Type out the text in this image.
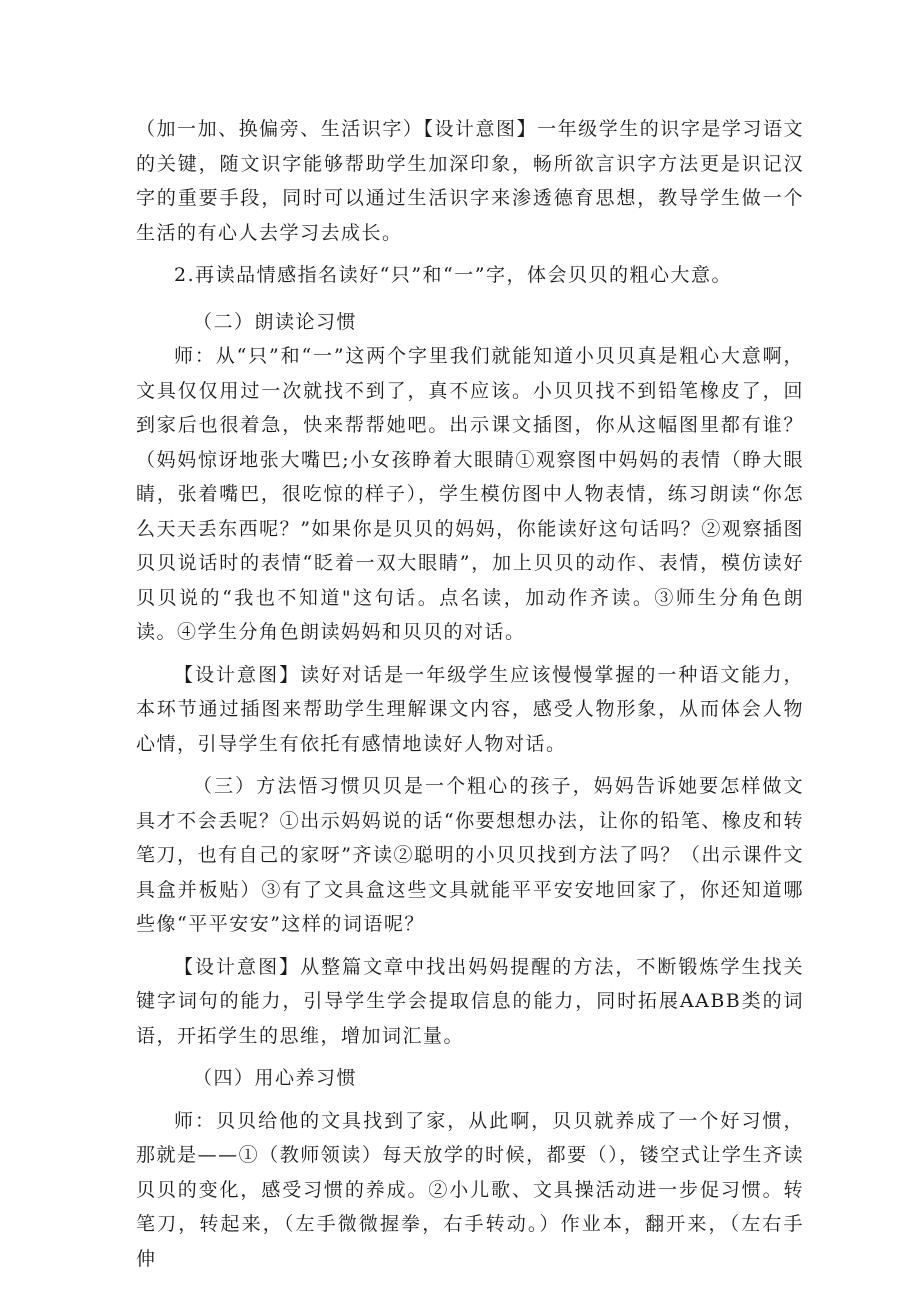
（加一加、换偏旁、生活识字）【设计意图】一年级学生的识字是学习语文的关键，随文识字能够帮助学生加深印象，畅所欲言识字方法更是识记汉字的重要手段，同时可以通过生活识字来渗透德育思想，教导学生做一个生活的有心人去学习去成长。

2.再读品情感指名读好“只”和“一”字，体会贝贝的粗心大意。

（二）朗读论习惯

师：从“只”和“一”这两个字里我们就能知道小贝贝真是粗心大意啊，文具仅仅用过一次就找不到了，真不应该。小贝贝找不到铅笔橡皮了，回到家后也很着急，快来帮帮她吧。出示课文插图，你从这幅图里都有谁？（妈妈惊讶地张大嘴巴;小女孩睁着大眼睛①观察图中妈妈的表情（睁大眼睛，张着嘴巴，很吃惊的样子），学生模仿图中人物表情，练习朗读“你怎么天天丢东西呢？”如果你是贝贝的妈妈，你能读好这句话吗？②观察插图贝贝说话时的表情“眨着一双大眼睛”，加上贝贝的动作、表情，模仿读好贝贝说的“我也不知道"这句话。点名读，加动作齐读。③师生分角色朗读。④学生分角色朗读妈妈和贝贝的对话。

【设计意图】读好对话是一年级学生应该慢慢掌握的一种语文能力，本环节通过插图来帮助学生理解课文内容，感受人物形象，从而体会人物心情，引导学生有依托有感情地读好人物对话。

（三）方法悟习惯贝贝是一个粗心的孩子，妈妈告诉她要怎样做文具才不会丢呢？①出示妈妈说的话“你要想想办法，让你的铅笔、橡皮和转笔刀，也有自己的家呀”齐读②聪明的小贝贝找到方法了吗？（出示课件文具盒并板贴）③有了文具盒这些文具就能平平安安地回家了，你还知道哪些像“平平安安”这样的词语呢？

【设计意图】从整篇文章中找出妈妈提醒的方法，不断锻炼学生找关键字词句的能力，引导学生学会提取信息的能力，同时拓展AABB类的词语，开拓学生的思维，增加词汇量。

（四）用心养习惯

师：贝贝给他的文具找到了家，从此啊，贝贝就养成了一个好习惯，那就是——①（教师领读）每天放学的时候，都要（），镂空式让学生齐读贝贝的变化，感受习惯的养成。②小儿歌、文具操活动进一步促习惯。转笔刀，转起来，（左手微微握拳，右手转动。）作业本，翻开来，（左右手伸
